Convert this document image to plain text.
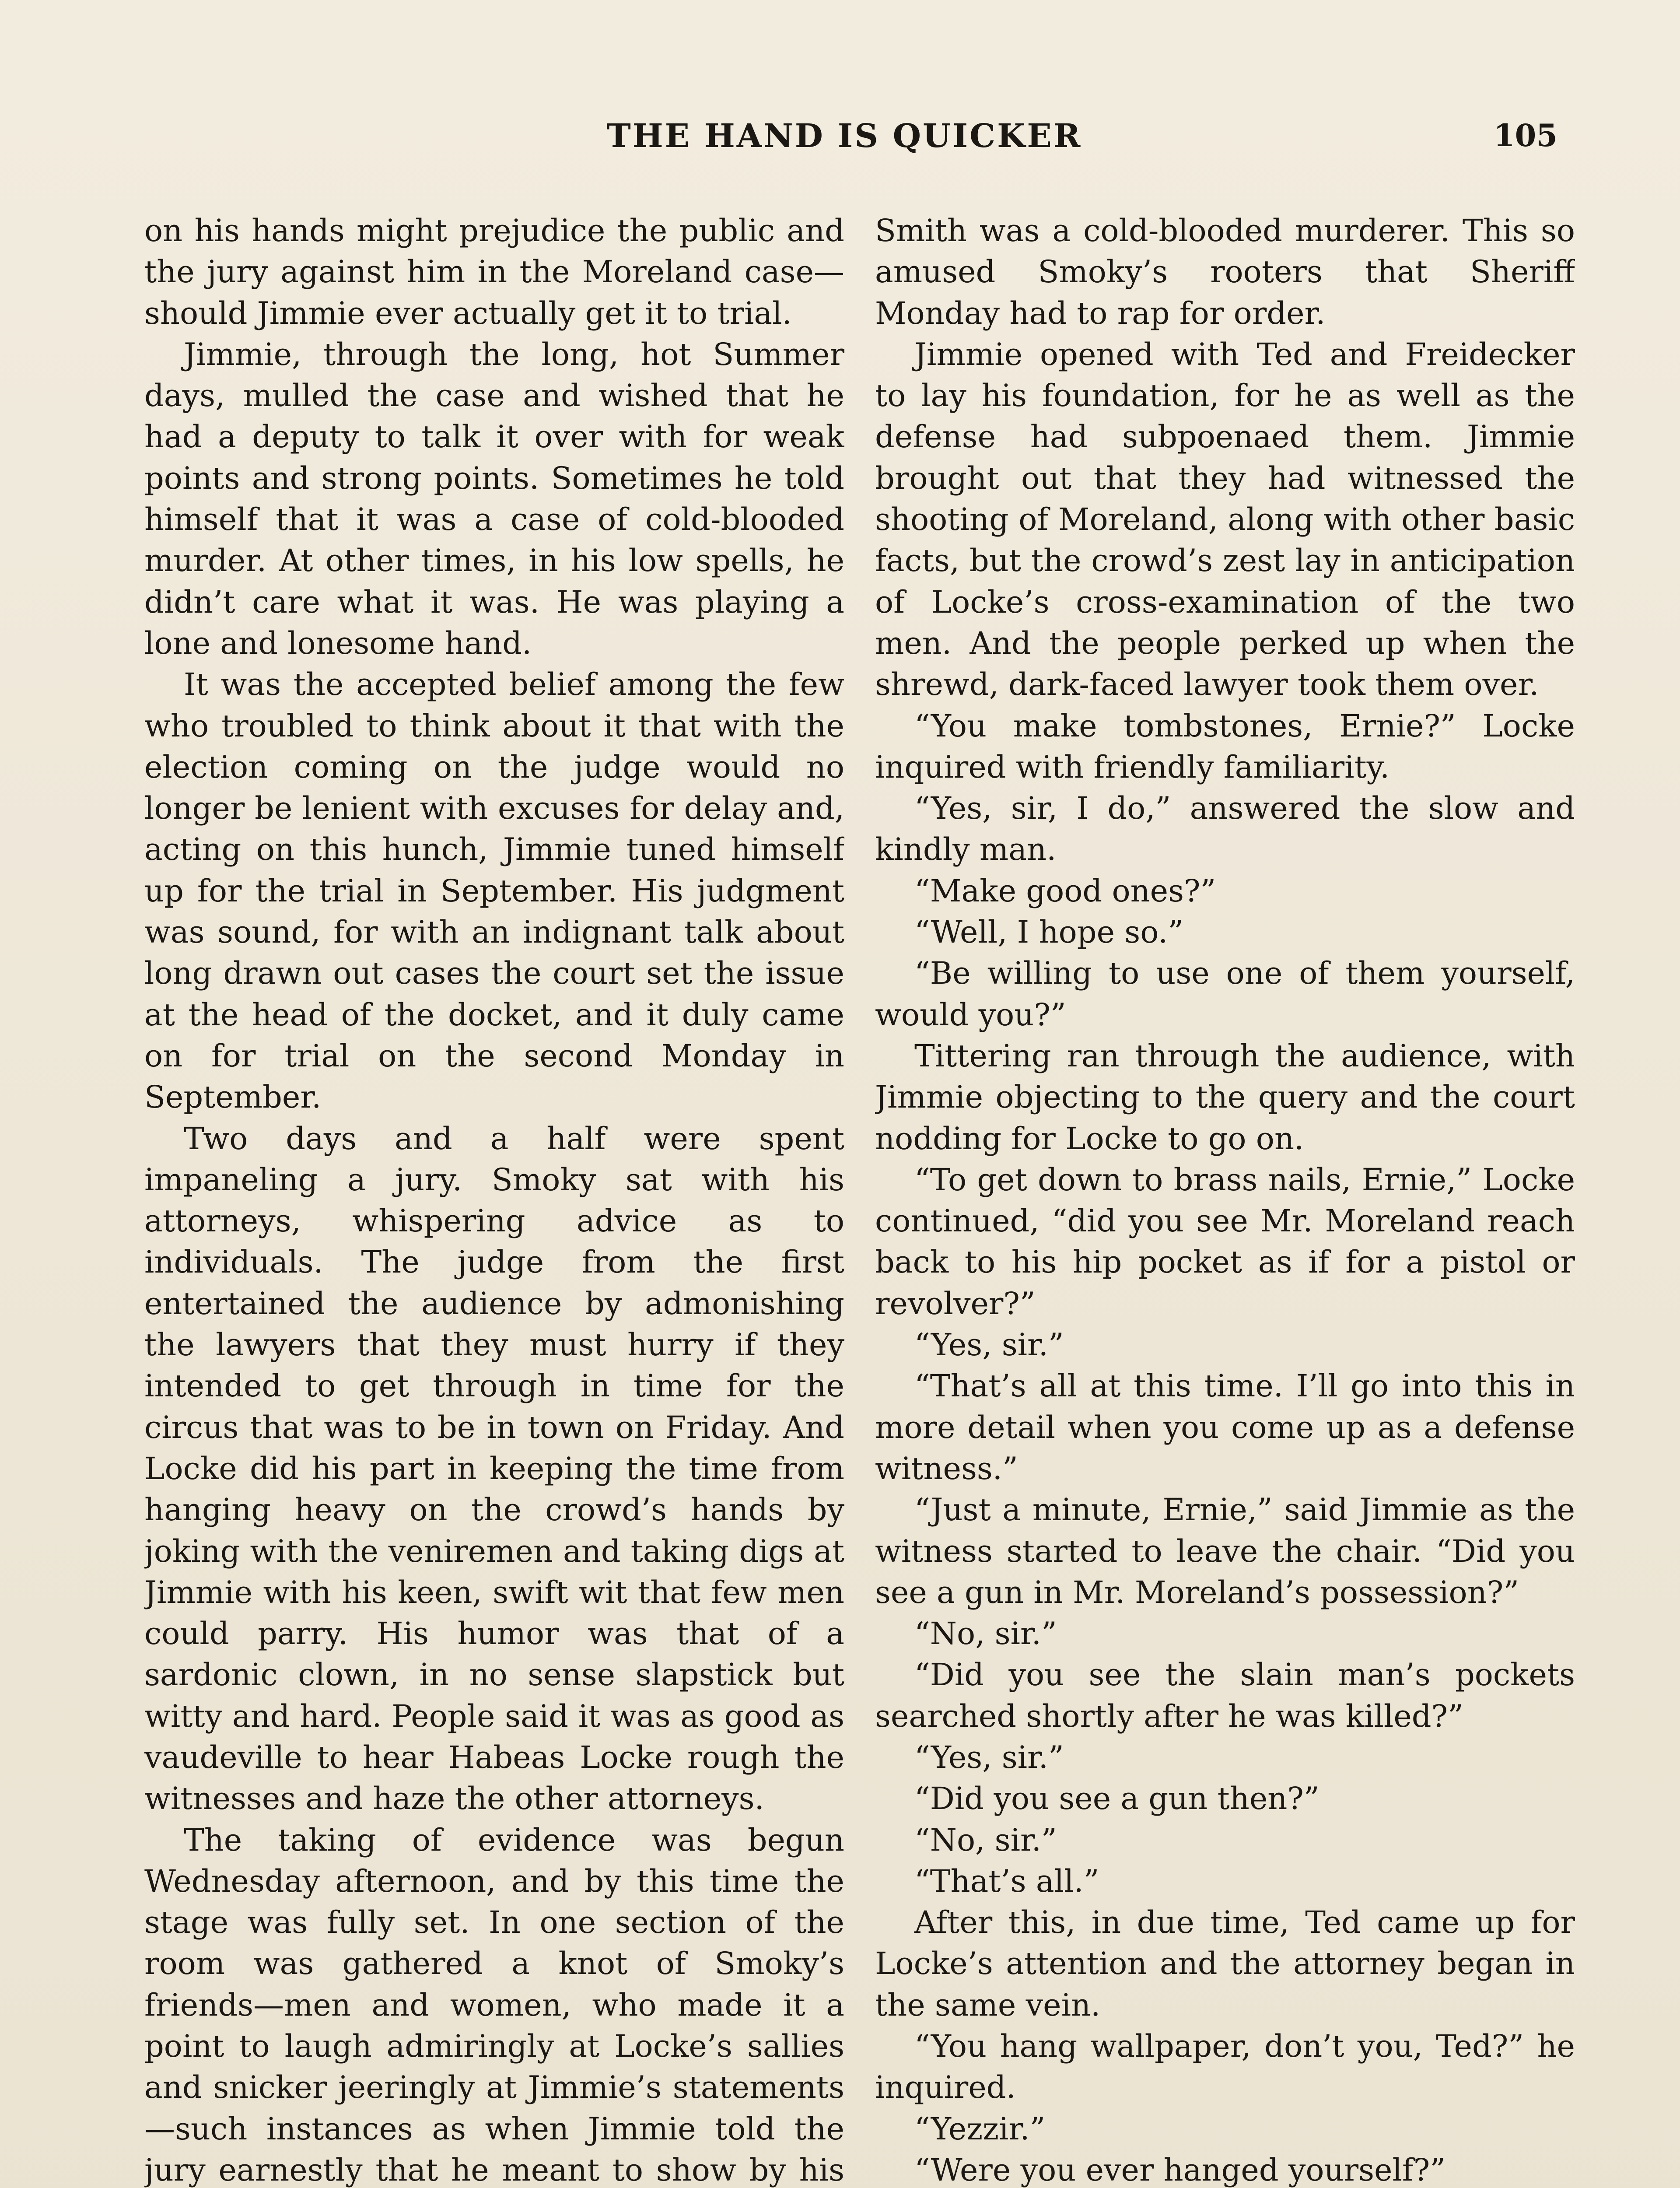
THE HAND IS QUICKER	105

on his hands might prejudice the public and the jury against him in the Moreland case—should Jimmie ever actually get it to trial.

Jimmie, through the long, hot Summer days, mulled the case and wished that he had a deputy to talk it over with for weak points and strong points. Sometimes he told himself that it was a case of cold-blooded murder. At other times, in his low spells, he didn’t care what it was. He was playing a lone and lonesome hand.

It was the accepted belief among the few who troubled to think about it that with the election coming on the judge would no longer be lenient with excuses for delay and, acting on this hunch, Jimmie tuned himself up for the trial in September. His judgment was sound, for with an indignant talk about long drawn out cases the court set the issue at the head of the docket, and it duly came on for trial on the second Monday in September.

Two days and a half were spent impaneling a jury. Smoky sat with his attorneys, whispering advice as to individuals. The judge from the first entertained the audience by admonishing the lawyers that they must hurry if they intended to get through in time for the circus that was to be in town on Friday. And Locke did his part in keeping the time from hanging heavy on the crowd’s hands by joking with the veniremen and taking digs at Jimmie with his keen, swift wit that few men could parry. His humor was that of a sardonic clown, in no sense slapstick but witty and hard. People said it was as good as vaudeville to hear Habeas Locke rough the witnesses and haze the other attorneys.

The taking of evidence was begun Wednesday afternoon, and by this time the stage was fully set. In one section of the room was gathered a knot of Smoky’s friends—men and women, who made it a point to laugh admiringly at Locke’s sallies and snicker jeeringly at Jimmie’s statements—such instances as when Jimmie told the jury earnestly that he meant to show by his

Smith was a cold-blooded murderer. This so amused Smoky’s rooters that Sheriff Monday had to rap for order.

Jimmie opened with Ted and Freidecker to lay his foundation, for he as well as the defense had subpoenaed them. Jimmie brought out that they had witnessed the shooting of Moreland, along with other basic facts, but the crowd’s zest lay in anticipation of Locke’s cross-examination of the two men. And the people perked up when the shrewd, dark-faced lawyer took them over.

“You make tombstones, Ernie?” Locke inquired with friendly familiarity.

“Yes, sir, I do,” answered the slow and kindly man.

“Make good ones?”

“Well, I hope so.”

“Be willing to use one of them yourself, would you?”

Tittering ran through the audience, with Jimmie objecting to the query and the court nodding for Locke to go on.

“To get down to brass nails, Ernie,” Locke continued, “did you see Mr. Moreland reach back to his hip pocket as if for a pistol or revolver?”

“Yes, sir.”

“That’s all at this time. I’ll go into this in more detail when you come up as a defense witness.”

“Just a minute, Ernie,” said Jimmie as the witness started to leave the chair. “Did you see a gun in Mr. Moreland’s possession?”

“No, sir.”

“Did you see the slain man’s pockets searched shortly after he was killed?”

“Yes, sir.”

“Did you see a gun then?”

“No, sir.”

“That’s all.”

After this, in due time, Ted came up for Locke’s attention and the attorney began in the same vein.

“You hang wallpaper, don’t you, Ted?” he inquired.

“Yezzir.”

“Were you ever hanged yourself?”
